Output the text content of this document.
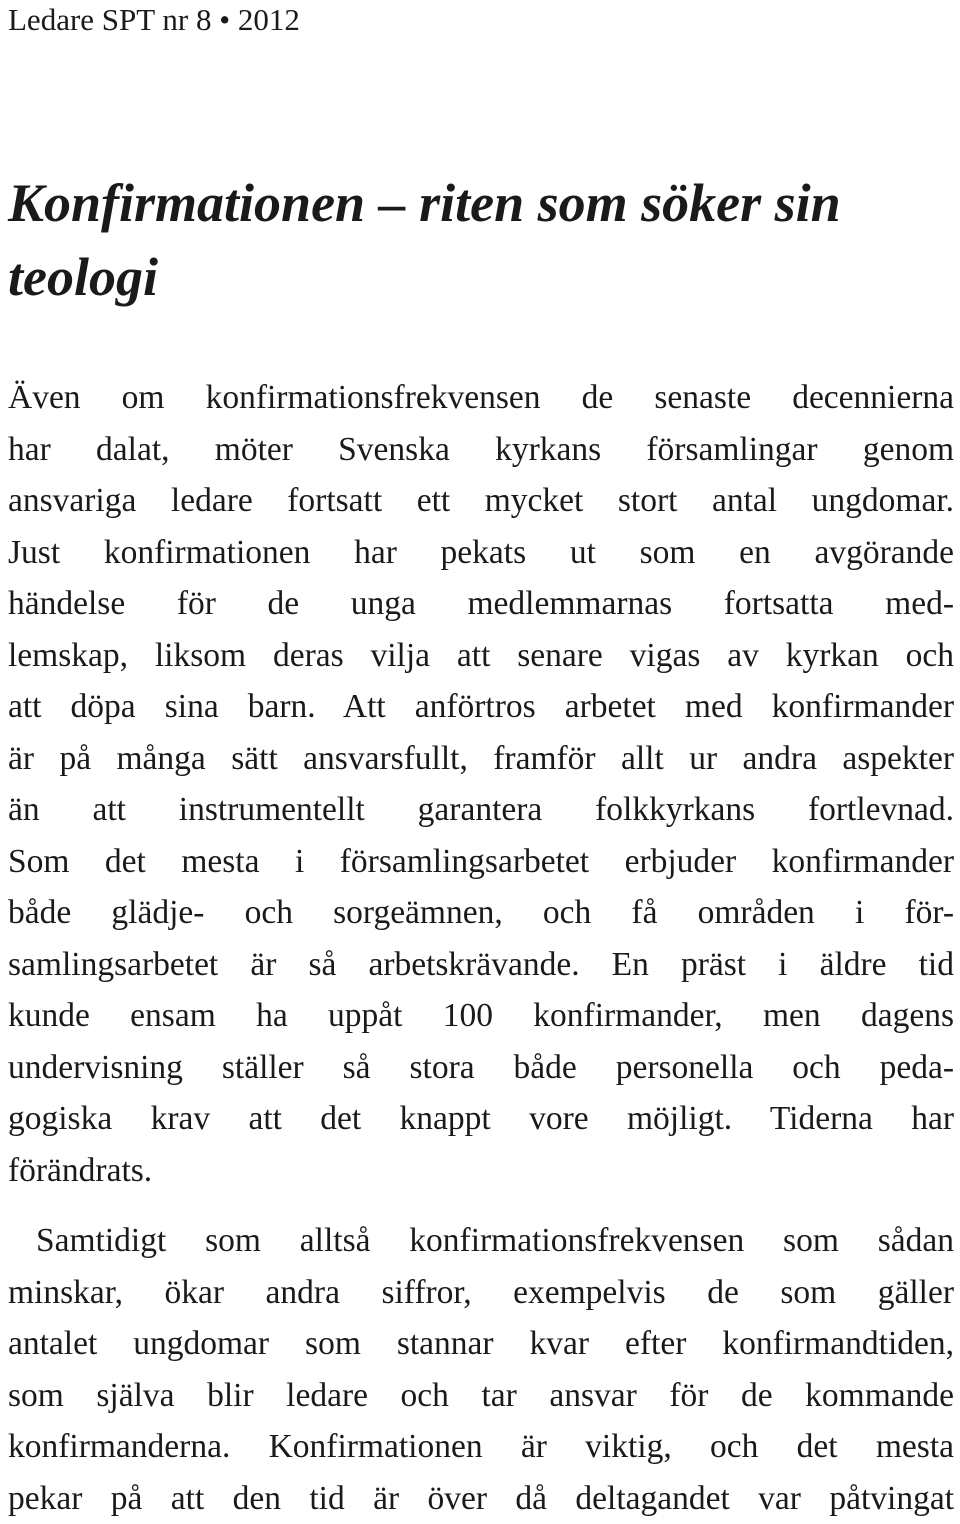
Ledare SPT nr 8 • 2012
Konfirmationen – riten som söker sin
teologi
Även om konfirmationsfrekvensen de senaste decennierna
har dalat, möter Svenska kyrkans församlingar genom
ansvariga ledare fortsatt ett mycket stort antal ungdomar.
Just konfirmationen har pekats ut som en avgörande
händelse för de unga medlemmarnas fortsatta med-
lemskap, liksom deras vilja att senare vigas av kyrkan och
att döpa sina barn. Att anförtros arbetet med konfirmander
är på många sätt ansvarsfullt, framför allt ur andra aspekter
än att instrumentellt garantera folkkyrkans fortlevnad.
Som det mesta i församlingsarbetet erbjuder konfirmander
både glädje- och sorgeämnen, och få områden i för-
samlingsarbetet är så arbetskrävande. En präst i äldre tid
kunde ensam ha uppåt 100 konfirmander, men dagens
undervisning ställer så stora både personella och peda-
gogiska krav att det knappt vore möjligt. Tiderna har
förändrats.
Samtidigt som alltså konfirmationsfrekvensen som sådan
minskar, ökar andra siffror, exempelvis de som gäller
antalet ungdomar som stannar kvar efter konfirmandtiden,
som själva blir ledare och tar ansvar för de kommande
konfirmanderna. Konfirmationen är viktig, och det mesta
pekar på att den tid är över då deltagandet var påtvingat
